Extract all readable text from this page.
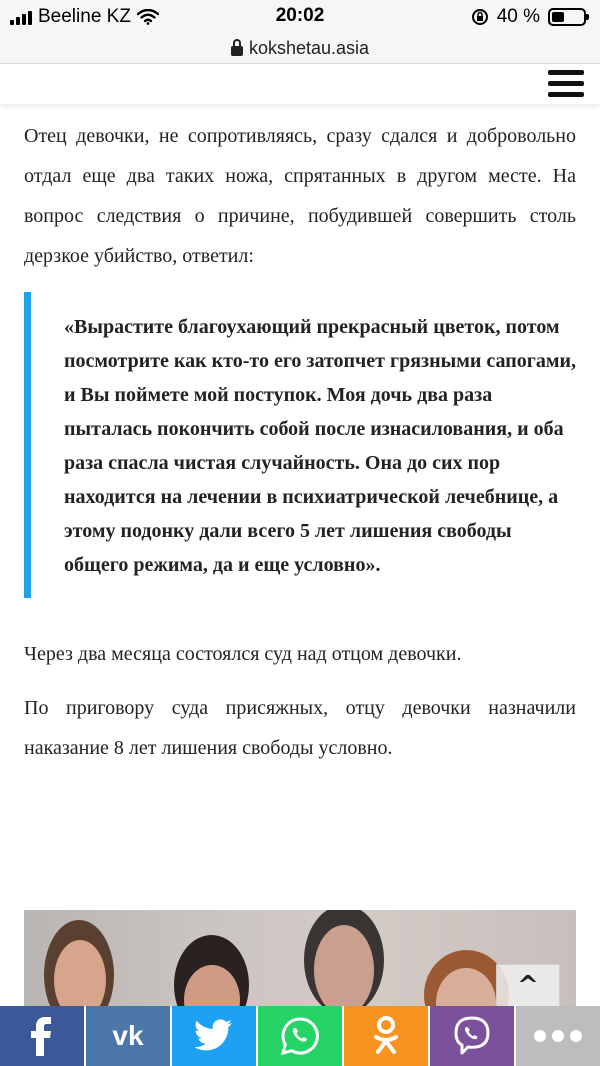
Beeline KZ	20:02	40 %
kokshetau.asia

Отец девочки, не сопротивляясь, сразу сдался и добровольно отдал еще два таких ножа, спрятанных в другом месте. На вопрос следствия о причине, побудившей совершить столь дерзкое убийство, ответил:

«Вырастите благоухающий прекрасный цветок, потом посмотрите как кто-то его затопчет грязными сапогами, и Вы поймете мой поступок. Моя дочь два раза пыталась покончить собой после изнасилования, и оба раза спасла чистая случайность. Она до сих пор находится на лечении в психиатрической лечебнице, а этому подонку дали всего 5 лет лишения свободы общего режима, да и еще условно».

Через два месяца состоялся суд над отцом девочки.

По приговору суда присяжных, отцу девочки назначили наказание 8 лет лишения свободы условно.

^
vk
